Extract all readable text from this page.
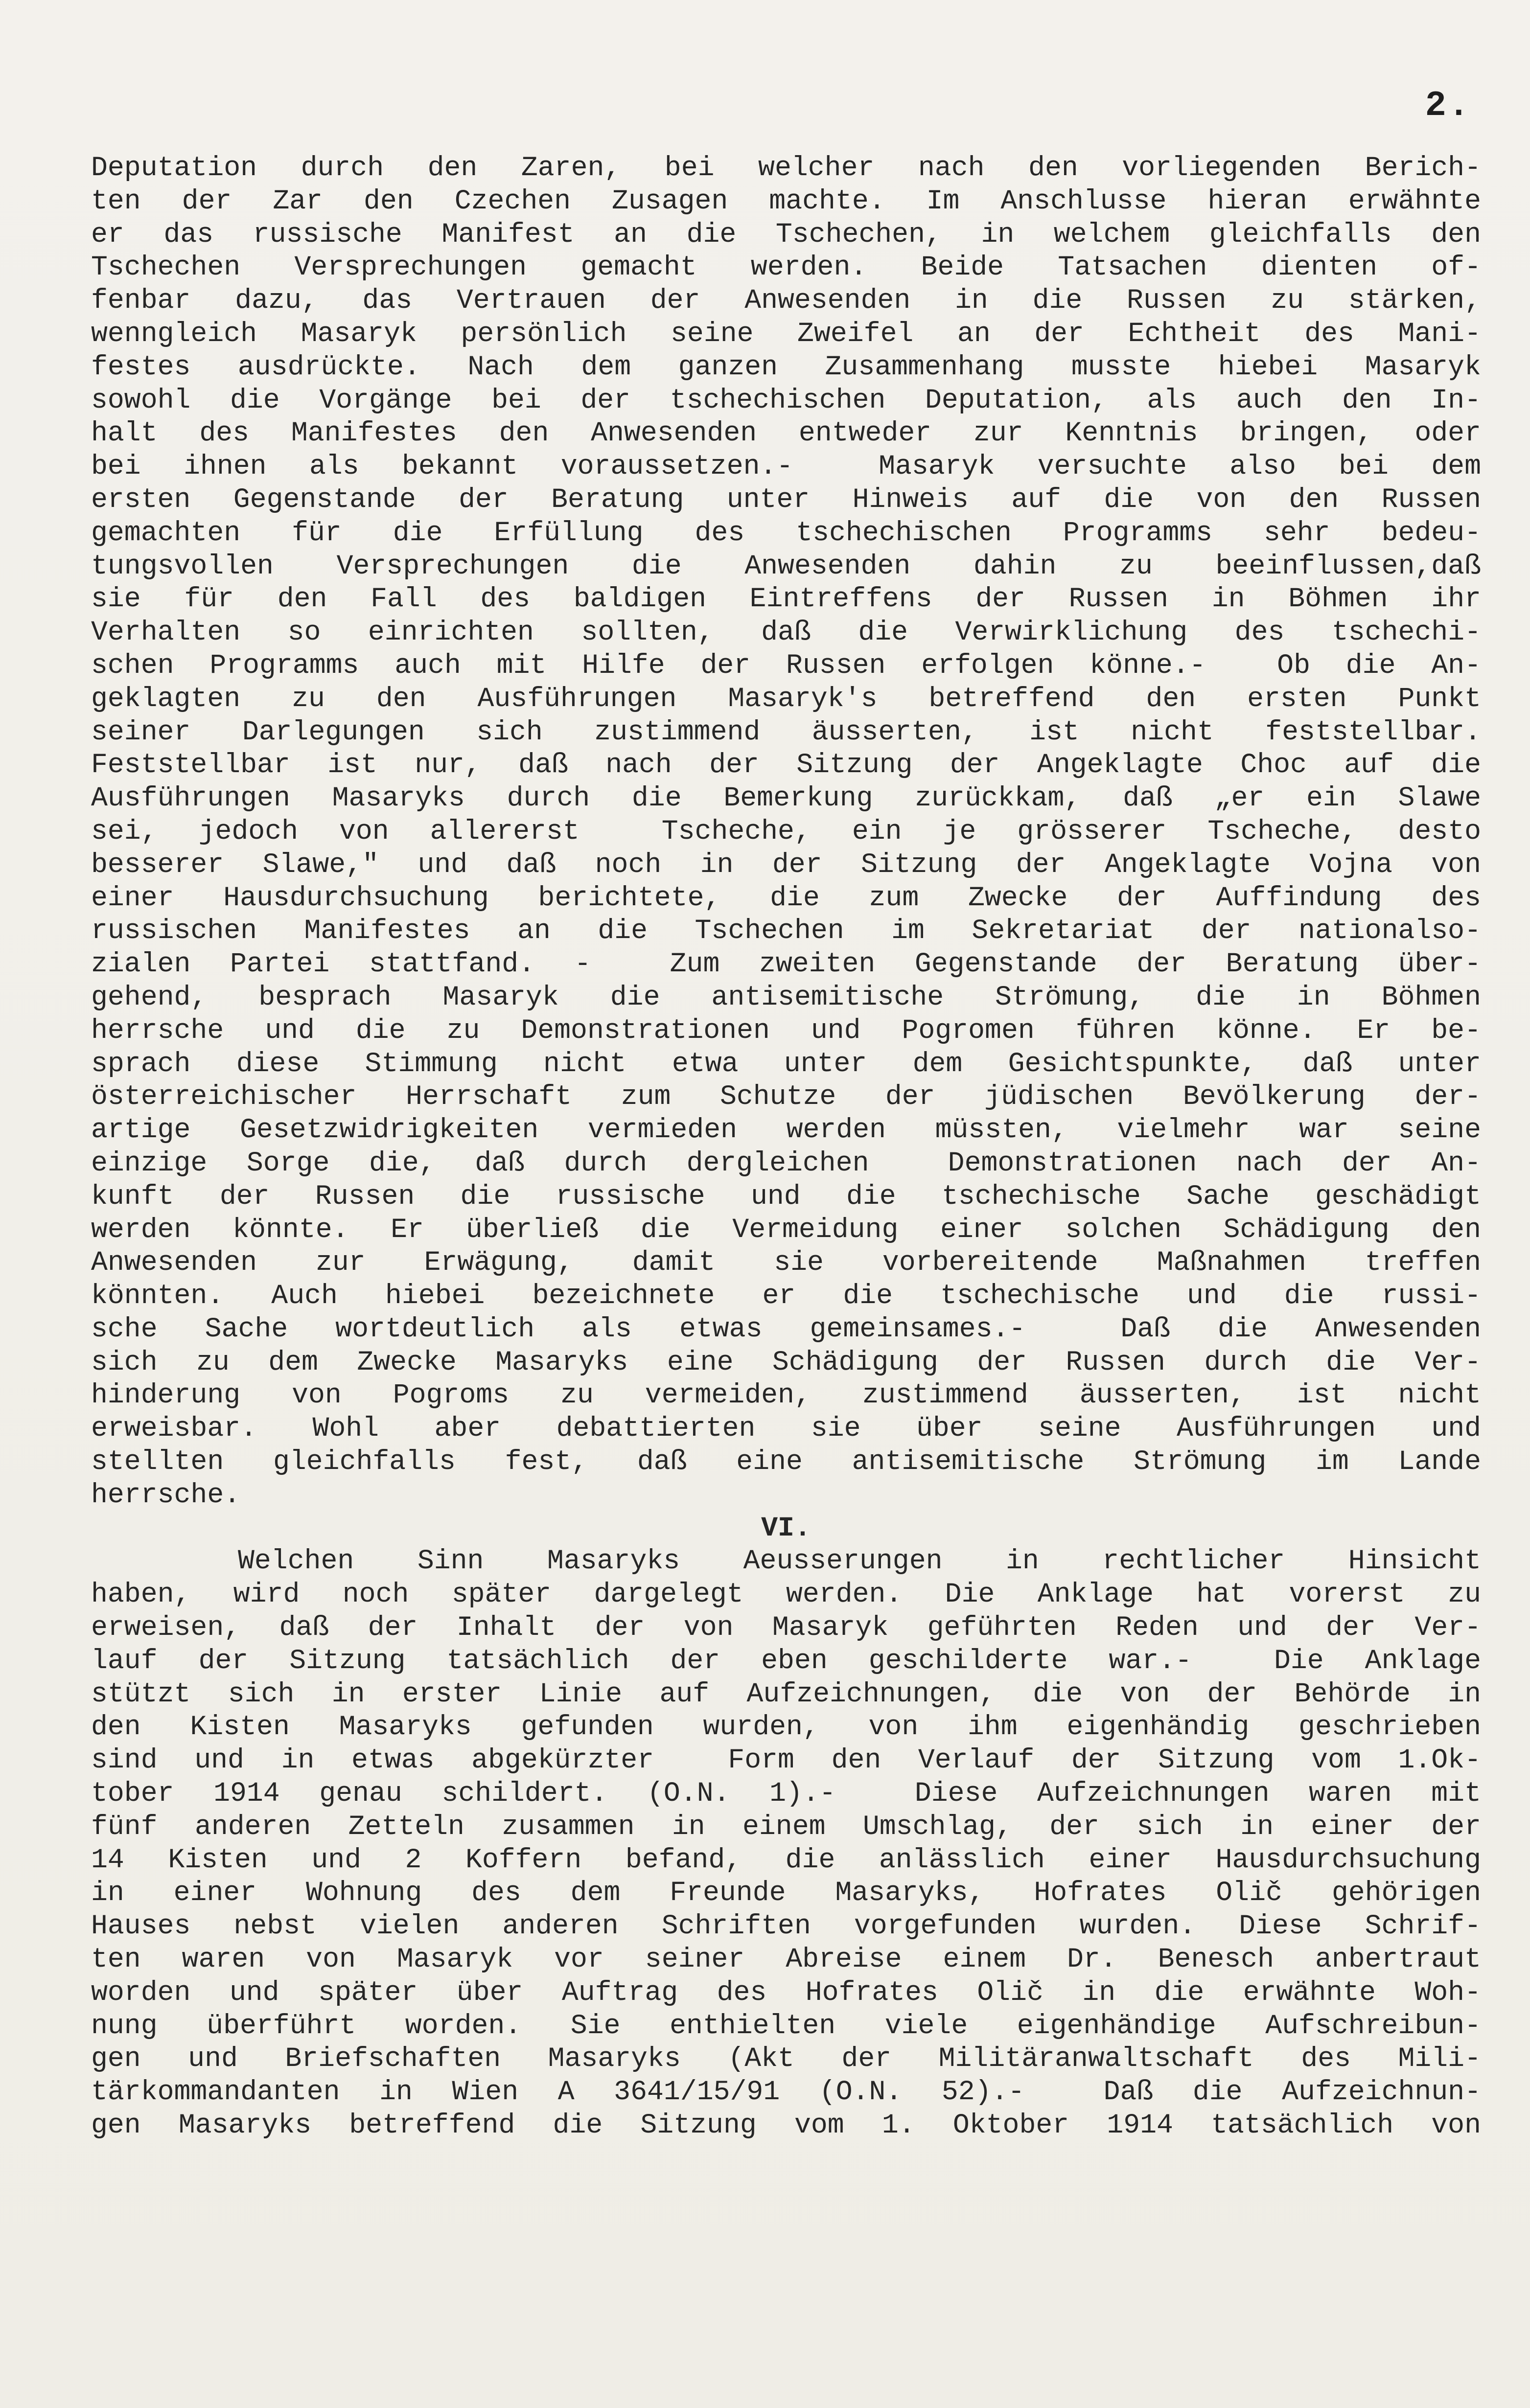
2.
Deputation durch den Zaren, bei welcher nach den vorliegenden Berich-
ten der Zar den Czechen Zusagen machte. Im Anschlusse hieran erwähnte
er das russische Manifest an die Tschechen, in welchem gleichfalls den
Tschechen Versprechungen gemacht werden. Beide Tatsachen dienten of-
fenbar dazu, das Vertrauen der Anwesenden in die Russen zu stärken,
wenngleich Masaryk persönlich seine Zweifel an der Echtheit des Mani-
festes ausdrückte. Nach dem ganzen Zusammenhang musste hiebei Masaryk
sowohl die Vorgänge bei der tschechischen Deputation, als auch den In-
halt des Manifestes den Anwesenden entweder zur Kenntnis bringen, oder
bei ihnen als bekannt voraussetzen.-  Masaryk versuchte also bei dem
ersten Gegenstande der Beratung unter Hinweis auf die von den Russen
gemachten für die Erfüllung des tschechischen Programms sehr bedeu-
tungsvollen Versprechungen die Anwesenden dahin zu beeinflussen,daß
sie für den Fall des baldigen Eintreffens der Russen in Böhmen ihr
Verhalten so einrichten sollten, daß die Verwirklichung des tschechi-
schen Programms auch mit Hilfe der Russen erfolgen könne.-  Ob die An-
geklagten zu den Ausführungen Masaryk's betreffend den ersten Punkt
seiner Darlegungen sich zustimmend äusserten, ist nicht feststellbar.
Feststellbar ist nur, daß nach der Sitzung der Angeklagte Choc auf die
Ausführungen Masaryks durch die Bemerkung zurückkam, daß „er ein Slawe
sei, jedoch von allererst  Tscheche, ein je grösserer Tscheche, desto
besserer Slawe," und daß noch in der Sitzung der Angeklagte Vojna von
einer Hausdurchsuchung berichtete, die zum Zwecke der Auffindung des
russischen Manifestes an die Tschechen im Sekretariat der nationalso-
zialen Partei stattfand. -  Zum zweiten Gegenstande der Beratung über-
gehend, besprach Masaryk die antisemitische Strömung, die in Böhmen
herrsche und die zu Demonstrationen und Pogromen führen könne. Er be-
sprach diese Stimmung nicht etwa unter dem Gesichtspunkte, daß unter
österreichischer Herrschaft zum Schutze der jüdischen Bevölkerung der-
artige Gesetzwidrigkeiten vermieden werden müssten, vielmehr war seine
einzige Sorge die, daß durch dergleichen  Demonstrationen nach der An-
kunft der Russen die russische und die tschechische Sache geschädigt
werden könnte. Er überließ die Vermeidung einer solchen Schädigung den
Anwesenden zur Erwägung, damit sie vorbereitende Maßnahmen treffen
könnten. Auch hiebei bezeichnete er die tschechische und die russi-
sche Sache wortdeutlich als etwas gemeinsames.-  Daß die Anwesenden
sich zu dem Zwecke Masaryks eine Schädigung der Russen durch die Ver-
hinderung von Pogroms zu vermeiden, zustimmend äusserten, ist nicht
erweisbar. Wohl aber debattierten sie über seine Ausführungen und
stellten gleichfalls fest, daß eine antisemitische Strömung im Lande
herrsche.
VI.
Welchen Sinn Masaryks Aeusserungen in rechtlicher Hinsicht
haben, wird noch später dargelegt werden. Die Anklage hat vorerst zu
erweisen, daß der Inhalt der von Masaryk geführten Reden und der Ver-
lauf der Sitzung tatsächlich der eben geschilderte war.-  Die Anklage
stützt sich in erster Linie auf Aufzeichnungen, die von der Behörde in
den Kisten Masaryks gefunden wurden, von ihm eigenhändig geschrieben
sind und in etwas abgekürzter  Form den Verlauf der Sitzung vom 1.Ok-
tober 1914 genau schildert. (O.N. 1).-  Diese Aufzeichnungen waren mit
fünf anderen Zetteln zusammen in einem Umschlag, der sich in einer der
14 Kisten und 2 Koffern befand, die anlässlich einer Hausdurchsuchung
in einer Wohnung des dem Freunde Masaryks, Hofrates Olič gehörigen
Hauses nebst vielen anderen Schriften vorgefunden wurden. Diese Schrif-
ten waren von Masaryk vor seiner Abreise einem Dr. Benesch anbertraut
worden und später über Auftrag des Hofrates Olič in die erwähnte Woh-
nung überführt worden. Sie enthielten viele eigenhändige Aufschreibun-
gen und Briefschaften Masaryks (Akt der Militäranwaltschaft des Mili-
tärkommandanten in Wien A 3641/15/91 (O.N. 52).-  Daß die Aufzeichnun-
gen Masaryks betreffend die Sitzung vom 1. Oktober 1914 tatsächlich von
